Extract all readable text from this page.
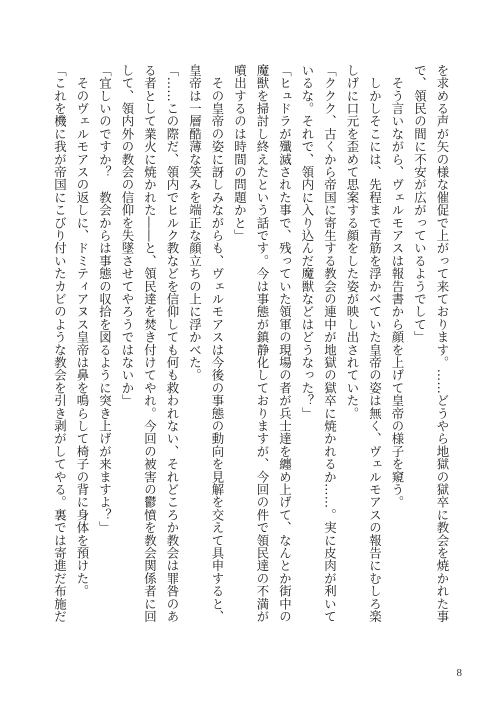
を求める声が矢の様な催促で上がって来ております。……どうやら地獄の獄卒に教会を焼かれた事
で、領民の間に不安が広がっているようでして」
　そう言いながら、ヴェルモアスは報告書から顔を上げて皇帝の様子を窺う。
　しかしそこには、先程まで青筋を浮かべていた皇帝の姿は無く、ヴェルモアスの報告にむしろ楽
しげに口元を歪めて思案する顔をした姿が映し出されていた。
「ククク、古くから帝国に寄生する教会の連中が地獄の獄卒に焼かれるか……。実に皮肉が利いて
いるな。それで、領内に入り込んだ魔獣などはどうなった？」
「ヒュドラが殲滅された事で、残っていた領軍の現場の者が兵士達を纏め上げて、なんとか街中の
魔獣を掃討し終えたという話です。今は事態が鎮静化しておりますが、今回の件で領民達の不満が
噴出するのは時間の問題かと」
　その皇帝の姿に訝しみながらも、ヴェルモアスは今後の事態の動向を見解を交えて具申すると、
皇帝は一層酷薄な笑みを端正な顔立ちの上に浮かべた。
「……この際だ、領内でヒルク教などを信仰しても何も救われない、それどころか教会は罪咎のあ
る者として業火に焼かれた――と、領民達を焚き付けてやれ。今回の被害の鬱憤を教会関係者に回
して、領内外の教会の信仰を失墜させてやろうではないか」
「宜しいのですか？　教会からは事態の収拾を図るように突き上げが来ますよ？」
　そのヴェルモアスの返しに、ドミティアヌス皇帝は鼻を鳴らして椅子の背に身体を預けた。
「これを機に我が帝国にこびり付いたカビのような教会を引き剥がしてやる。裏では寄進だ布施だ
8
